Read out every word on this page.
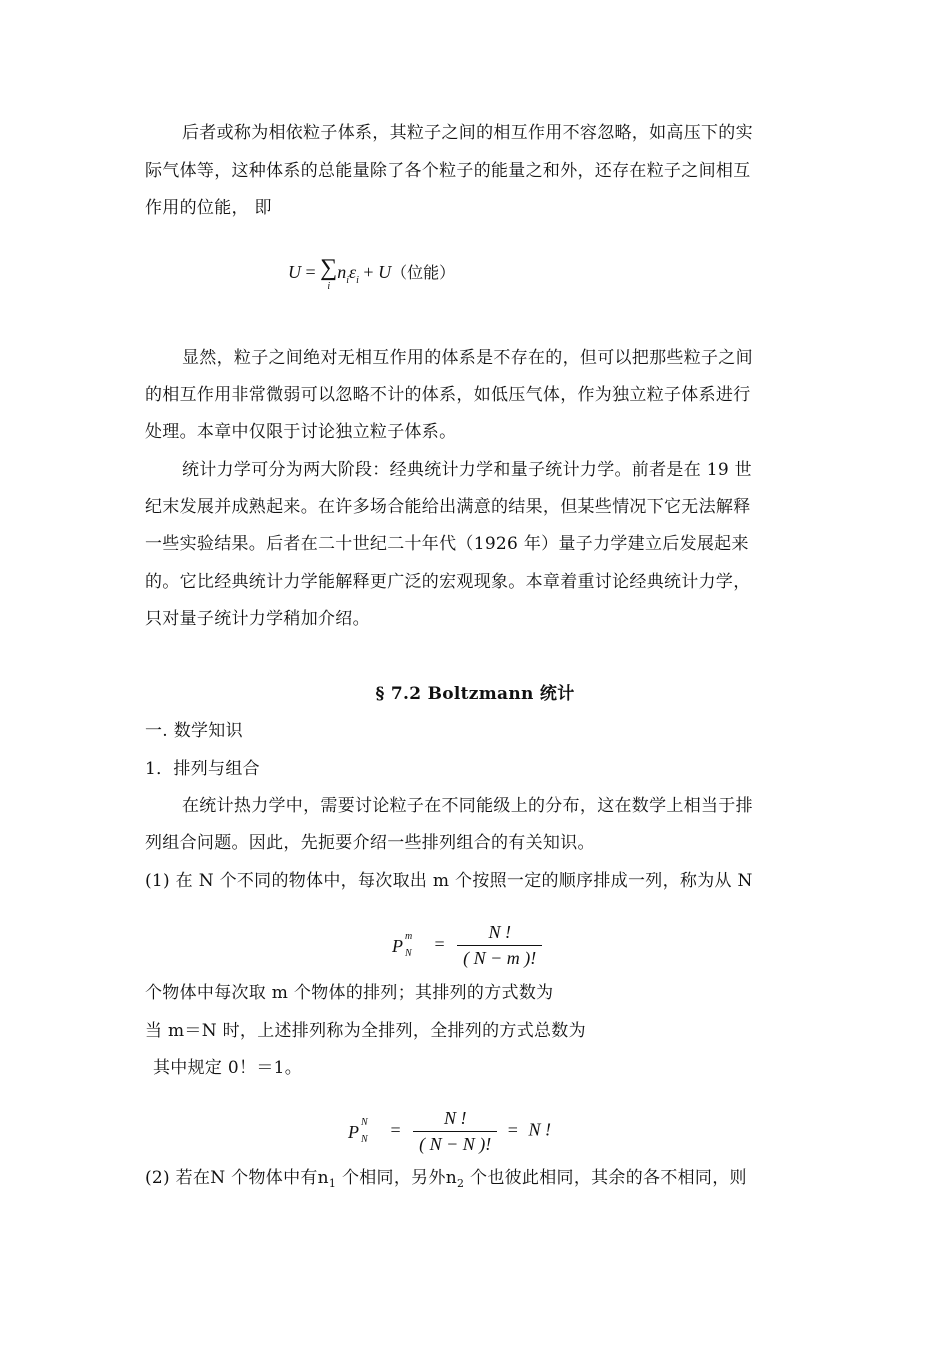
后者或称为相依粒子体系，其粒子之间的相互作用不容忽略，如高压下的实
际气体等，这种体系的总能量除了各个粒子的能量之和外，还存在粒子之间相互
作用的位能， 即
U = ∑
i
$n_i\varepsilon_i + U$（位能）
显然，粒子之间绝对无相互作用的体系是不存在的，但可以把那些粒子之间
的相互作用非常微弱可以忽略不计的体系，如低压气体，作为独立粒子体系进行
处理。本章中仅限于讨论独立粒子体系。
统计力学可分为两大阶段：经典统计力学和量子统计力学。前者是在 19 世
纪末发展并成熟起来。在许多场合能给出满意的结果，但某些情况下它无法解释
一些实验结果。后者在二十世纪二十年代（1926 年）量子力学建立后发展起来
的。它比经典统计力学能解释更广泛的宏观现象。本章着重讨论经典统计力学，
只对量子统计力学稍加介绍。
§ 7.2 Boltzmann 统计
一. 数学知识
1．排列与组合
在统计热力学中，需要讨论粒子在不同能级上的分布，这在数学上相当于排
列组合问题。因此，先扼要介绍一些排列组合的有关知识。
(1) 在 N 个不同的物体中，每次取出 m 个按照一定的顺序排成一列，称为从 N
P m
$N = \frac{N !}{( N - m )!}$
个物体中每次取 m 个物体的排列；其排列的方式数为
当 m＝N 时，上述排列称为全排列，全排列的方式总数为
其中规定 0！＝1。
P N
$N = \frac{N !}{( N - N )!} = N$ !
(2) 若在N 个物体中有$n_1$ 个相同，另外$n_2$ 个也彼此相同，其余的各不相同，则
